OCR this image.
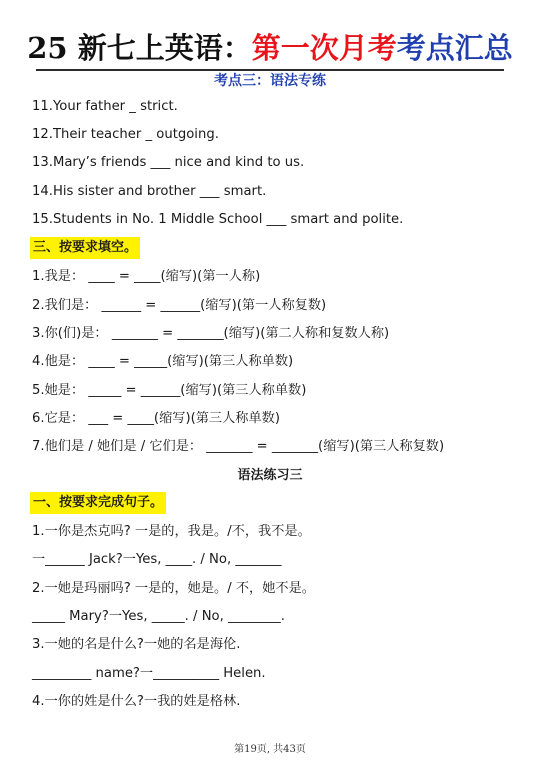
25 新七上英语：第一次月考考点汇总
考点三：语法专练
11.Your father _ strict.
12.Their teacher _ outgoing.
13.Mary’s friends ___ nice and kind to us.
14.His sister and brother ___ smart.
15.Students in No. 1 Middle School ___ smart and polite.
三、按要求填空。
1.我是： ____ = ____(缩写)(第一人称)
2.我们是： ______ = ______(缩写)(第一人称复数)
3.你(们)是： _______ = _______(缩写)(第二人称和复数人称)
4.他是： ____ = _____(缩写)(第三人称单数)
5.她是： _____ = ______(缩写)(第三人称单数)
6.它是： ___ = ____(缩写)(第三人称单数)
7.他们是 / 她们是 / 它们是： _______ = _______(缩写)(第三人称复数)
语法练习三
一、按要求完成句子。
1.一你是杰克吗? 一是的，我是。/不，我不是。
一______ Jack?一Yes, ____. / No, _______
2.一她是玛丽吗? 一是的，她是。/ 不，她不是。
_____ Mary?一Yes, _____. / No, ________.
3.一她的名是什么?一她的名是海伦.
_________ name?一__________ Helen.
4.一你的姓是什么?一我的姓是格林.
第19页, 共43页
